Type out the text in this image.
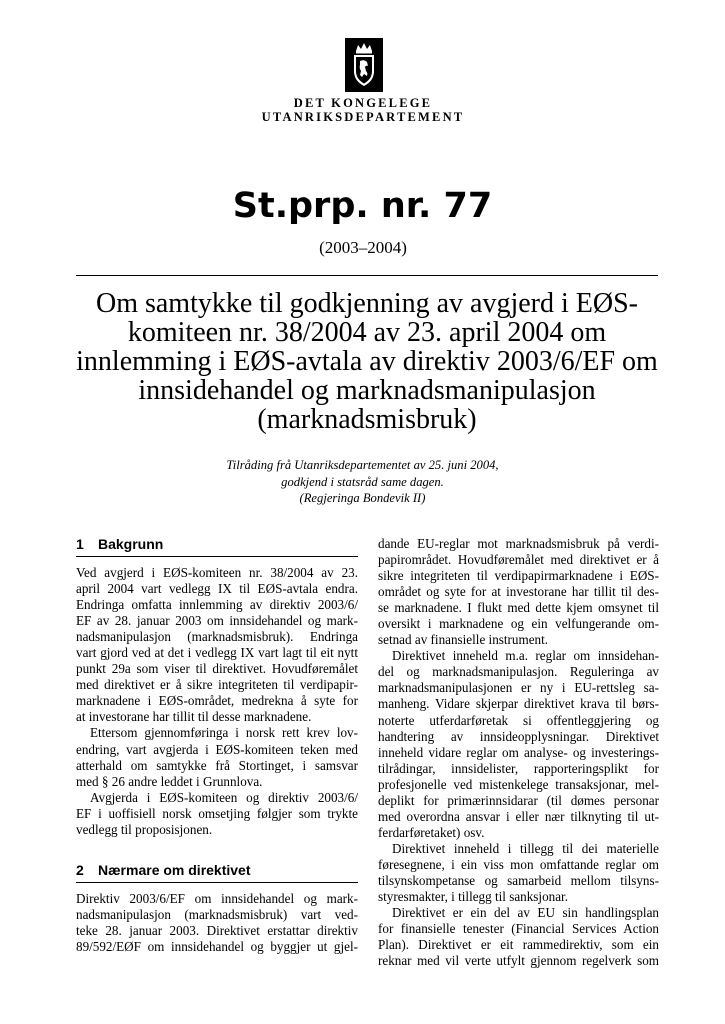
DET KONGELEGE
UTANRIKSDEPARTEMENT
St.prp. nr. 77
(2003–2004)
Om samtykke til godkjenning av avgjerd i EØS-
komiteen nr. 38/2004 av 23. april 2004 om
innlemming i EØS-avtala av direktiv 2003/6/EF om
innsidehandel og marknadsmanipulasjon
(marknadsmisbruk)
Tilråding frå Utanriksdepartementet av 25. juni 2004,
godkjend i statsråd same dagen.
(Regjeringa Bondevik II)
1 Bakgrunn
Ved avgjerd i EØS-komiteen nr. 38/2004 av 23.
april 2004 vart vedlegg IX til EØS-avtala endra.
Endringa omfatta innlemming av direktiv 2003/6/
EF av 28. januar 2003 om innsidehandel og mark-
nadsmanipulasjon (marknadsmisbruk). Endringa
vart gjord ved at det i vedlegg IX vart lagt til eit nytt
punkt 29a som viser til direktivet. Hovudføremålet
med direktivet er å sikre integriteten til verdipapir-
marknadene i EØS-området, medrekna å syte for
at investorane har tillit til desse marknadene.
Ettersom gjennomføringa i norsk rett krev lov-
endring, vart avgjerda i EØS-komiteen teken med
atterhald om samtykke frå Stortinget, i samsvar
med § 26 andre leddet i Grunnlova.
Avgjerda i EØS-komiteen og direktiv 2003/6/
EF i uoffisiell norsk omsetjing følgjer som trykte
vedlegg til proposisjonen.
2 Nærmare om direktivet
Direktiv 2003/6/EF om innsidehandel og mark-
nadsmanipulasjon (marknadsmisbruk) vart ved-
teke 28. januar 2003. Direktivet erstattar direktiv
89/592/EØF om innsidehandel og byggjer ut gjel-
dande EU-reglar mot marknadsmisbruk på verdi-
papirområdet. Hovudføremålet med direktivet er å
sikre integriteten til verdipapirmarknadene i EØS-
området og syte for at investorane har tillit til des-
se marknadene. I flukt med dette kjem omsynet til
oversikt i marknadene og ein velfungerande om-
setnad av finansielle instrument.
Direktivet inneheld m.a. reglar om innsidehan-
del og marknadsmanipulasjon. Reguleringa av
marknadsmanipulasjonen er ny i EU-rettsleg sa-
manheng. Vidare skjerpar direktivet krava til børs-
noterte utferdarføretak si offentleggjering og
handtering av innsideopplysningar. Direktivet
inneheld vidare reglar om analyse- og investerings-
tilrådingar, innsidelister, rapporteringsplikt for
profesjonelle ved mistenkelege transaksjonar, mel-
deplikt for primærinnsidarar (til dømes personar
med overordna ansvar i eller nær tilknyting til ut-
ferdarføretaket) osv.
Direktivet inneheld i tillegg til dei materielle
føresegnene, i ein viss mon omfattande reglar om
tilsynskompetanse og samarbeid mellom tilsyns-
styresmakter, i tillegg til sanksjonar.
Direktivet er ein del av EU sin handlingsplan
for finansielle tenester (Financial Services Action
Plan). Direktivet er eit rammedirektiv, som ein
reknar med vil verte utfylt gjennom regelverk som
